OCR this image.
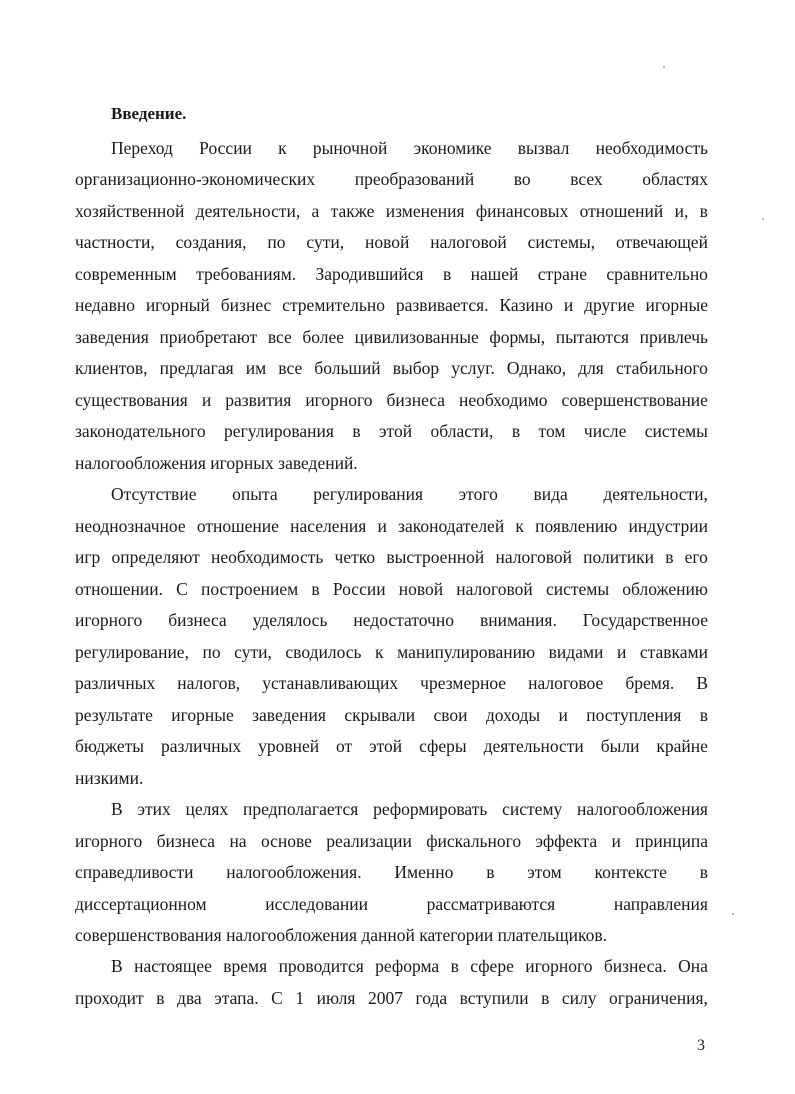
Введение.
Переход России к рыночной экономике вызвал необходимость
организационно-экономических преобразований во всех областях
хозяйственной деятельности, а также изменения финансовых отношений и, в
частности, создания, по сути, новой налоговой системы, отвечающей
современным требованиям. Зародившийся в нашей стране сравнительно
недавно игорный бизнес стремительно развивается. Казино и другие игорные
заведения приобретают все более цивилизованные формы, пытаются привлечь
клиентов, предлагая им все больший выбор услуг. Однако, для стабильного
существования и развития игорного бизнеса необходимо совершенствование
законодательного регулирования в этой области, в том числе системы
налогообложения игорных заведений.
Отсутствие опыта регулирования этого вида деятельности,
неоднозначное отношение населения и законодателей к появлению индустрии
игр определяют необходимость четко выстроенной налоговой политики в его
отношении. С построением в России новой налоговой системы обложению
игорного бизнеса уделялось недостаточно внимания. Государственное
регулирование, по сути, сводилось к манипулированию видами и ставками
различных налогов, устанавливающих чрезмерное налоговое бремя. В
результате игорные заведения скрывали свои доходы и поступления в
бюджеты различных уровней от этой сферы деятельности были крайне
низкими.
В этих целях предполагается реформировать систему налогообложения
игорного бизнеса на основе реализации фискального эффекта и принципа
справедливости налогообложения. Именно в этом контексте в
диссертационном	исследовании	рассматриваются	направления
совершенствования налогообложения данной категории плательщиков.
В настоящее время проводится реформа в сфере игорного бизнеса. Она
проходит в два этапа. С 1 июля 2007 года вступили в силу ограничения,
3
